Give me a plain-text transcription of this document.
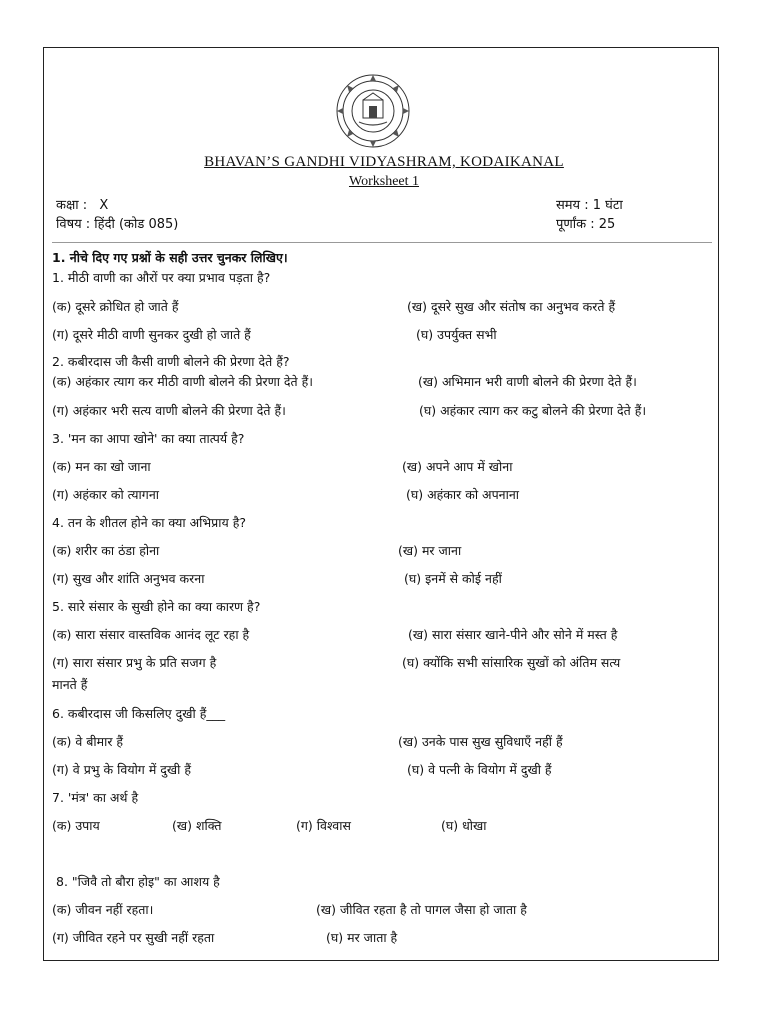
BHAVAN’S GANDHI VIDYASHRAM, KODAIKANAL
Worksheet 1
कक्षा : X
विषय : हिंदी (कोड 085)
समय : 1 घंटा
पूर्णांक : 25
1. नीचे दिए गए प्रश्नों के सही उत्तर चुनकर लिखिए।
1. मीठी वाणी का औरों पर क्या प्रभाव पड़ता है?
(क) दूसरे क्रोधित हो जाते हैं	(ख) दूसरे सुख और संतोष का अनुभव करते हैं
(ग) दूसरे मीठी वाणी सुनकर दुखी हो जाते हैं	(घ) उपर्युक्त सभी
2. कबीरदास जी कैसी वाणी बोलने की प्रेरणा देते हैं?
(क) अहंकार त्याग कर मीठी वाणी बोलने की प्रेरणा देते हैं।	(ख) अभिमान भरी वाणी बोलने की प्रेरणा देते हैं।
(ग) अहंकार भरी सत्य वाणी बोलने की प्रेरणा देते हैं।	(घ) अहंकार त्याग कर कटु बोलने की प्रेरणा देते हैं।
3. 'मन का आपा खोने' का क्या तात्पर्य है?
(क) मन का खो जाना	(ख) अपने आप में खोना
(ग) अहंकार को त्यागना	(घ) अहंकार को अपनाना
4. तन के शीतल होने का क्या अभिप्राय है?
(क) शरीर का ठंडा होना	(ख) मर जाना
(ग) सुख और शांति अनुभव करना	(घ) इनमें से कोई नहीं
5. सारे संसार के सुखी होने का क्या कारण है?
(क) सारा संसार वास्तविक आनंद लूट रहा है	(ख) सारा संसार खाने-पीने और सोने में मस्त है
(ग) सारा संसार प्रभु के प्रति सजग है	(घ) क्योंकि सभी सांसारिक सुखों को अंतिम सत्य
मानते हैं
6. कबीरदास जी किसलिए दुखी हैं___
(क) वे बीमार हैं	(ख) उनके पास सुख सुविधाएँ नहीं हैं
(ग) वे प्रभु के वियोग में दुखी हैं	(घ) वे पत्नी के वियोग में दुखी हैं
7. 'मंत्र' का अर्थ है
(क) उपाय	(ख) शक्ति	(ग) विश्वास	(घ) धोखा
8. "जिवै तो बौरा होइ" का आशय है
(क) जीवन नहीं रहता।	(ख) जीवित रहता है तो पागल जैसा हो जाता है
(ग) जीवित रहने पर सुखी नहीं रहता	(घ) मर जाता है
